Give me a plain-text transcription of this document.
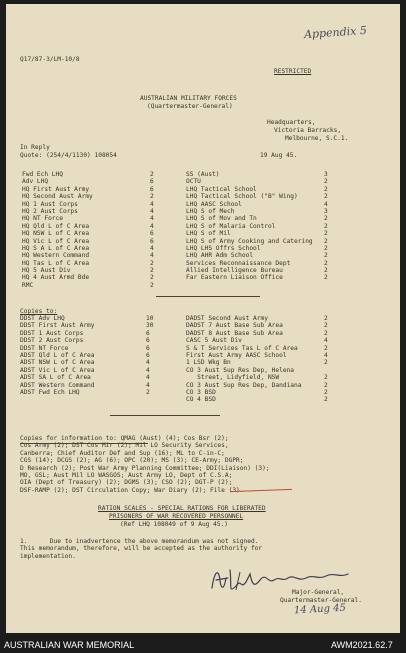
Q17/87-3/LM-10/8
Appendix 5
RESTRICTED
AUSTRALIAN MILITARY FORCES
(Quartermaster-General)
Headquarters,
Victoria Barracks,
Melbourne, S.C.1.
In Reply
Quote: (254/4/1130) 108054	19 Aug 45.
Fwd Ech LHQ
Adv LHQ
HQ First Aust Army
HQ Second Aust Army
HQ 1 Aust Corps
HQ 2 Aust Corps
HQ NT Force
HQ Qld L of C Area
HQ NSW L of C Area
HQ Vic L of C Area
HQ S A L of C Area
HQ Western Command
HQ Tas L of C Area
HQ 5 Aust Div
HQ 4 Aust Armd Bde
RMC
2
6
6
2
4
4
4
4
6
6
4
4
2
2
2
2
SS (Aust)
OCTU
LHQ Tactical School
LHQ Tactical School ("B" Wing)
LHQ AASC School
LHQ S of Mech
LHQ S of Mov and Tn
LHQ S of Malaria Control
LHQ S of Mil
LHQ S of Army Cooking and Catering
LHQ LHS Offrs School
LHQ AHR Adm School
Services Reconnaissance Dept
Allied Intelligence Bureau
Far Eastern Liaison Office
3
2
2
2
4
3
2
2
2
2
2
2
2
2
2
Copies to:
DDST Adv LHQ
DDST First Aust Army
DDST 1 Aust Corps
DDST 2 Aust Corps
DDST NT Force
ADST Qld L of C Area
ADST NSW L of C Area
ADST Vic L of C Area
ADST SA L of C Area
ADST Western Command
ADST Fwd Ech LHQ
10
30
6
6
6
6
4
4
4
4
2
DADST Second Aust Army
DADST 7 Aust Base Sub Area
DADST 8 Aust Base Sub Area
CASC 5 Aust Div
S & T Services Tas L of C Area
First Aust Army AASC School
1 LSD Wkg Bn
CO 3 Aust Sup Res Dep, Helena
Street, Lidyfield, NSW
CO 3 Aust Sup Res Dep, Dandiana
CO 3 BSD
CO 4 BSD
2
2
2
4
2
4
2
2
2
2
2
Copies for information to: QMAG (Aust) (4); Cos Bsr (2);
Cos Army (2); DST Cos Mir (2); Mil LO Security Services,
Canberra; Chief Auditor Def and Sup (16); ML to C-in-C;
CGS (14); DCGS (2); AG (6); OPC (20); MS (3); CE-Army; DGPR;
D Research (2); Post War Army Planning Committee; DDI(Liaison) (3);
MO, GSL; Aust Mil LO WASGOS; Aust Army LO, Dept of C.S.A;
OIA (Dept of Treasury) (2); DGMS (3); CSO (2); DGT-P (2);
DSF-RAMP (2); DST Circulation Copy; War Diary (2); File (3).
RATION SCALES - SPECIAL RATIONS FOR LIBERATED
PRISONERS OF WAR RECOVERED PERSONNEL
(Ref LHQ 108049 of 9 Aug 45.)
1.      Due to inadvertence the above memorandum was not signed.
This memorandum, therefore, will be accepted as the authority for
implementation.
Major-General,
Quartermaster-General.
14 Aug 45
AUSTRALIAN WAR MEMORIAL	AWM2021.62.7
